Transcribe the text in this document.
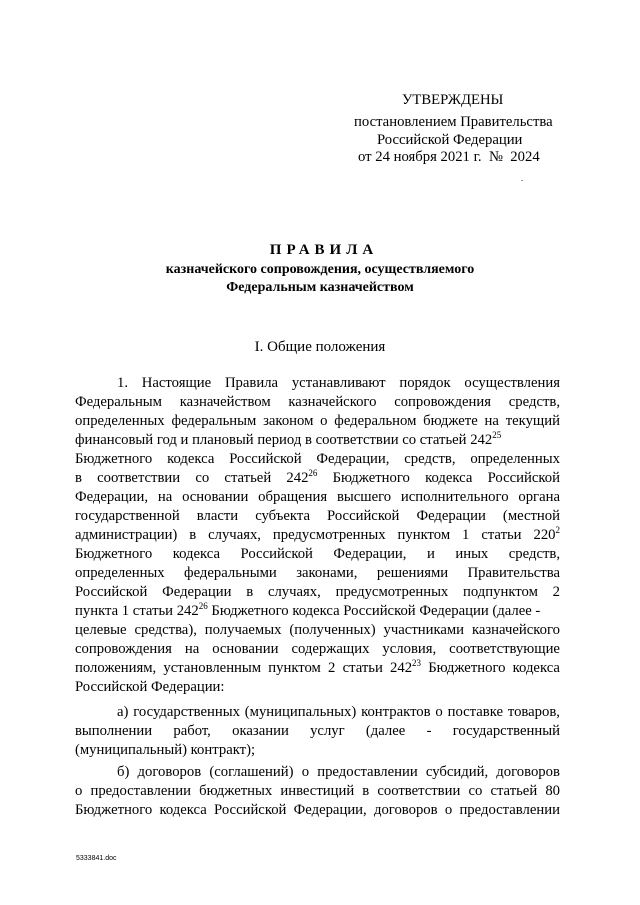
УТВЕРЖДЕНЫ
постановлением Правительства
Российской Федерации
от 24 ноября 2021 г.  №  2024
ПРАВИЛА
казначейского сопровождения, осуществляемого
Федеральным казначейством
I. Общие положения
1. Настоящие Правила устанавливают порядок осуществления
Федеральным казначейством казначейского сопровождения средств,
определенных федеральным законом о федеральном бюджете на текущий
финансовый год и плановый период в соответствии со статьей $242^{25}$
Бюджетного кодекса Российской Федерации, средств, определенных
в соответствии со статьей $242^{26}$ Бюджетного кодекса Российской
Федерации, на основании обращения высшего исполнительного органа
государственной власти субъекта Российской Федерации (местной
администрации) в случаях, предусмотренных пунктом 1 статьи $220^2$
Бюджетного кодекса Российской Федерации, и иных средств,
определенных федеральными законами, решениями Правительства
Российской Федерации в случаях, предусмотренных подпунктом 2
пункта 1 статьи $242^{26}$ Бюджетного кодекса Российской Федерации (далее -
целевые средства), получаемых (полученных) участниками казначейского
сопровождения на основании содержащих условия, соответствующие
положениям, установленным пунктом 2 статьи $242^{23}$ Бюджетного кодекса
Российской Федерации:
а) государственных (муниципальных) контрактов о поставке товаров,
выполнении работ, оказании услуг (далее - государственный
(муниципальный) контракт);
б) договоров (соглашений) о предоставлении субсидий, договоров
о предоставлении бюджетных инвестиций в соответствии со статьей 80
Бюджетного кодекса Российской Федерации, договоров о предоставлении
5333841.doc
